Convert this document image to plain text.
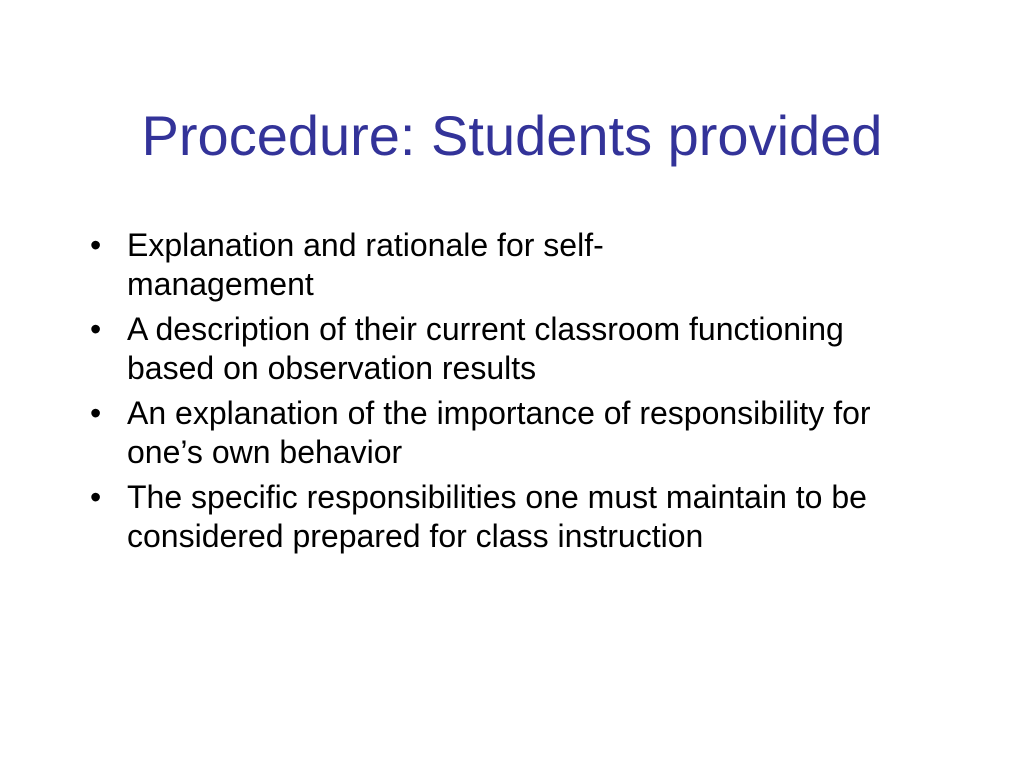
Procedure: Students provided
• Explanation and rationale for self-
management
• A description of their current classroom functioning based on observation results
• An explanation of the importance of responsibility for one’s own behavior
• The specific responsibilities one must maintain to be considered prepared for class instruction
